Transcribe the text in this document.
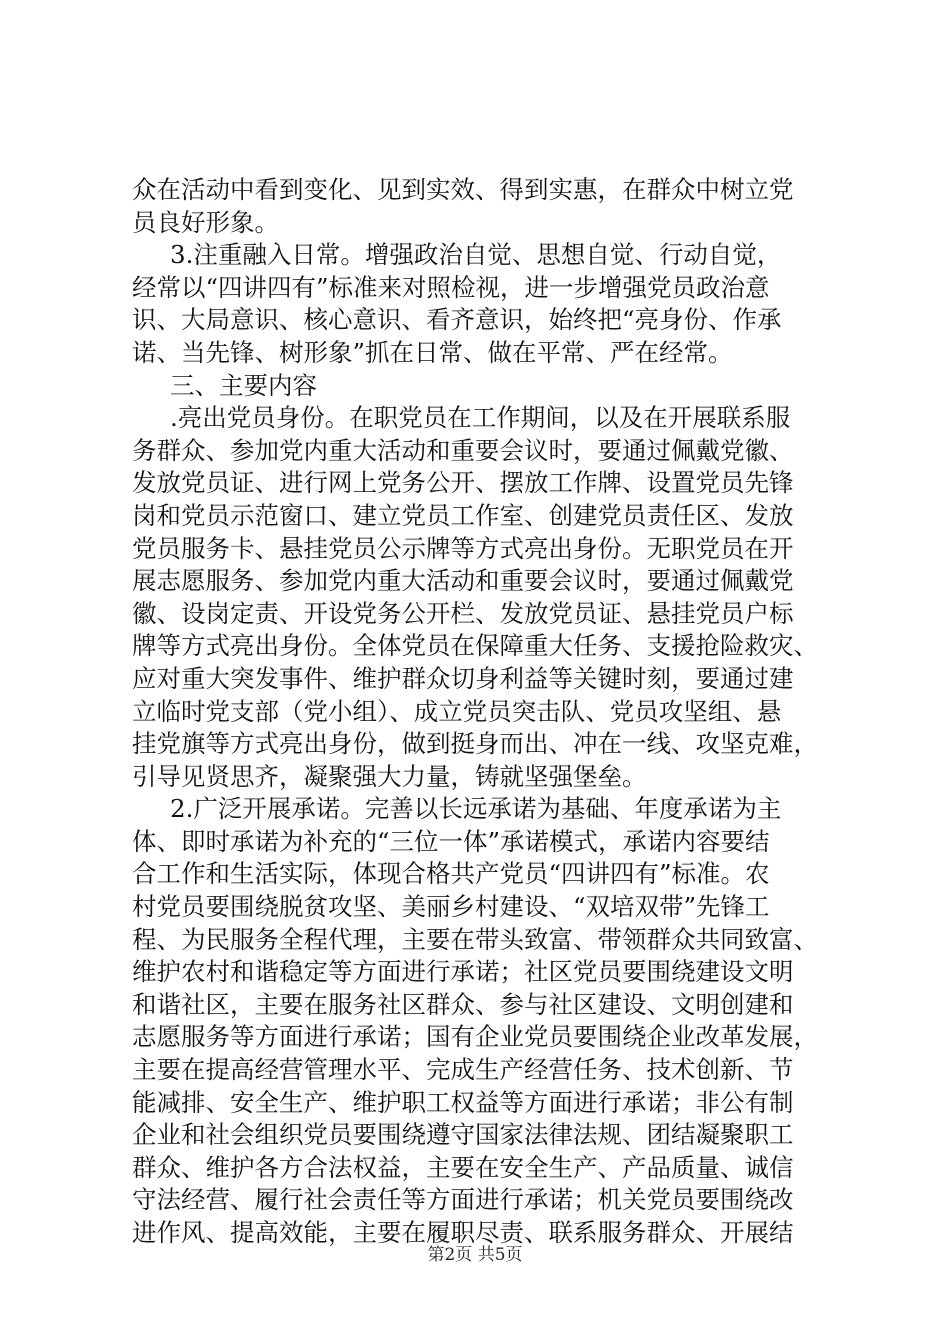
众在活动中看到变化、见到实效、得到实惠，在群众中树立党
员良好形象。
3.注重融入日常。增强政治自觉、思想自觉、行动自觉，
经常以“四讲四有”标准来对照检视，进一步增强党员政治意
识、大局意识、核心意识、看齐意识，始终把“亮身份、作承
诺、当先锋、树形象”抓在日常、做在平常、严在经常。
三、主要内容
.亮出党员身份。在职党员在工作期间，以及在开展联系服
务群众、参加党内重大活动和重要会议时，要通过佩戴党徽、
发放党员证、进行网上党务公开、摆放工作牌、设置党员先锋
岗和党员示范窗口、建立党员工作室、创建党员责任区、发放
党员服务卡、悬挂党员公示牌等方式亮出身份。无职党员在开
展志愿服务、参加党内重大活动和重要会议时，要通过佩戴党
徽、设岗定责、开设党务公开栏、发放党员证、悬挂党员户标
牌等方式亮出身份。全体党员在保障重大任务、支援抢险救灾、
应对重大突发事件、维护群众切身利益等关键时刻，要通过建
立临时党支部（党小组）、成立党员突击队、党员攻坚组、悬
挂党旗等方式亮出身份，做到挺身而出、冲在一线、攻坚克难，
引导见贤思齐，凝聚强大力量，铸就坚强堡垒。
2.广泛开展承诺。完善以长远承诺为基础、年度承诺为主
体、即时承诺为补充的“三位一体”承诺模式，承诺内容要结
合工作和生活实际，体现合格共产党员“四讲四有”标准。农
村党员要围绕脱贫攻坚、美丽乡村建设、“双培双带”先锋工
程、为民服务全程代理，主要在带头致富、带领群众共同致富、
维护农村和谐稳定等方面进行承诺；社区党员要围绕建设文明
和谐社区，主要在服务社区群众、参与社区建设、文明创建和
志愿服务等方面进行承诺；国有企业党员要围绕企业改革发展，
主要在提高经营管理水平、完成生产经营任务、技术创新、节
能减排、安全生产、维护职工权益等方面进行承诺；非公有制
企业和社会组织党员要围绕遵守国家法律法规、团结凝聚职工
群众、维护各方合法权益，主要在安全生产、产品质量、诚信
守法经营、履行社会责任等方面进行承诺；机关党员要围绕改
进作风、提高效能，主要在履职尽责、联系服务群众、开展结
第2页 共5页
